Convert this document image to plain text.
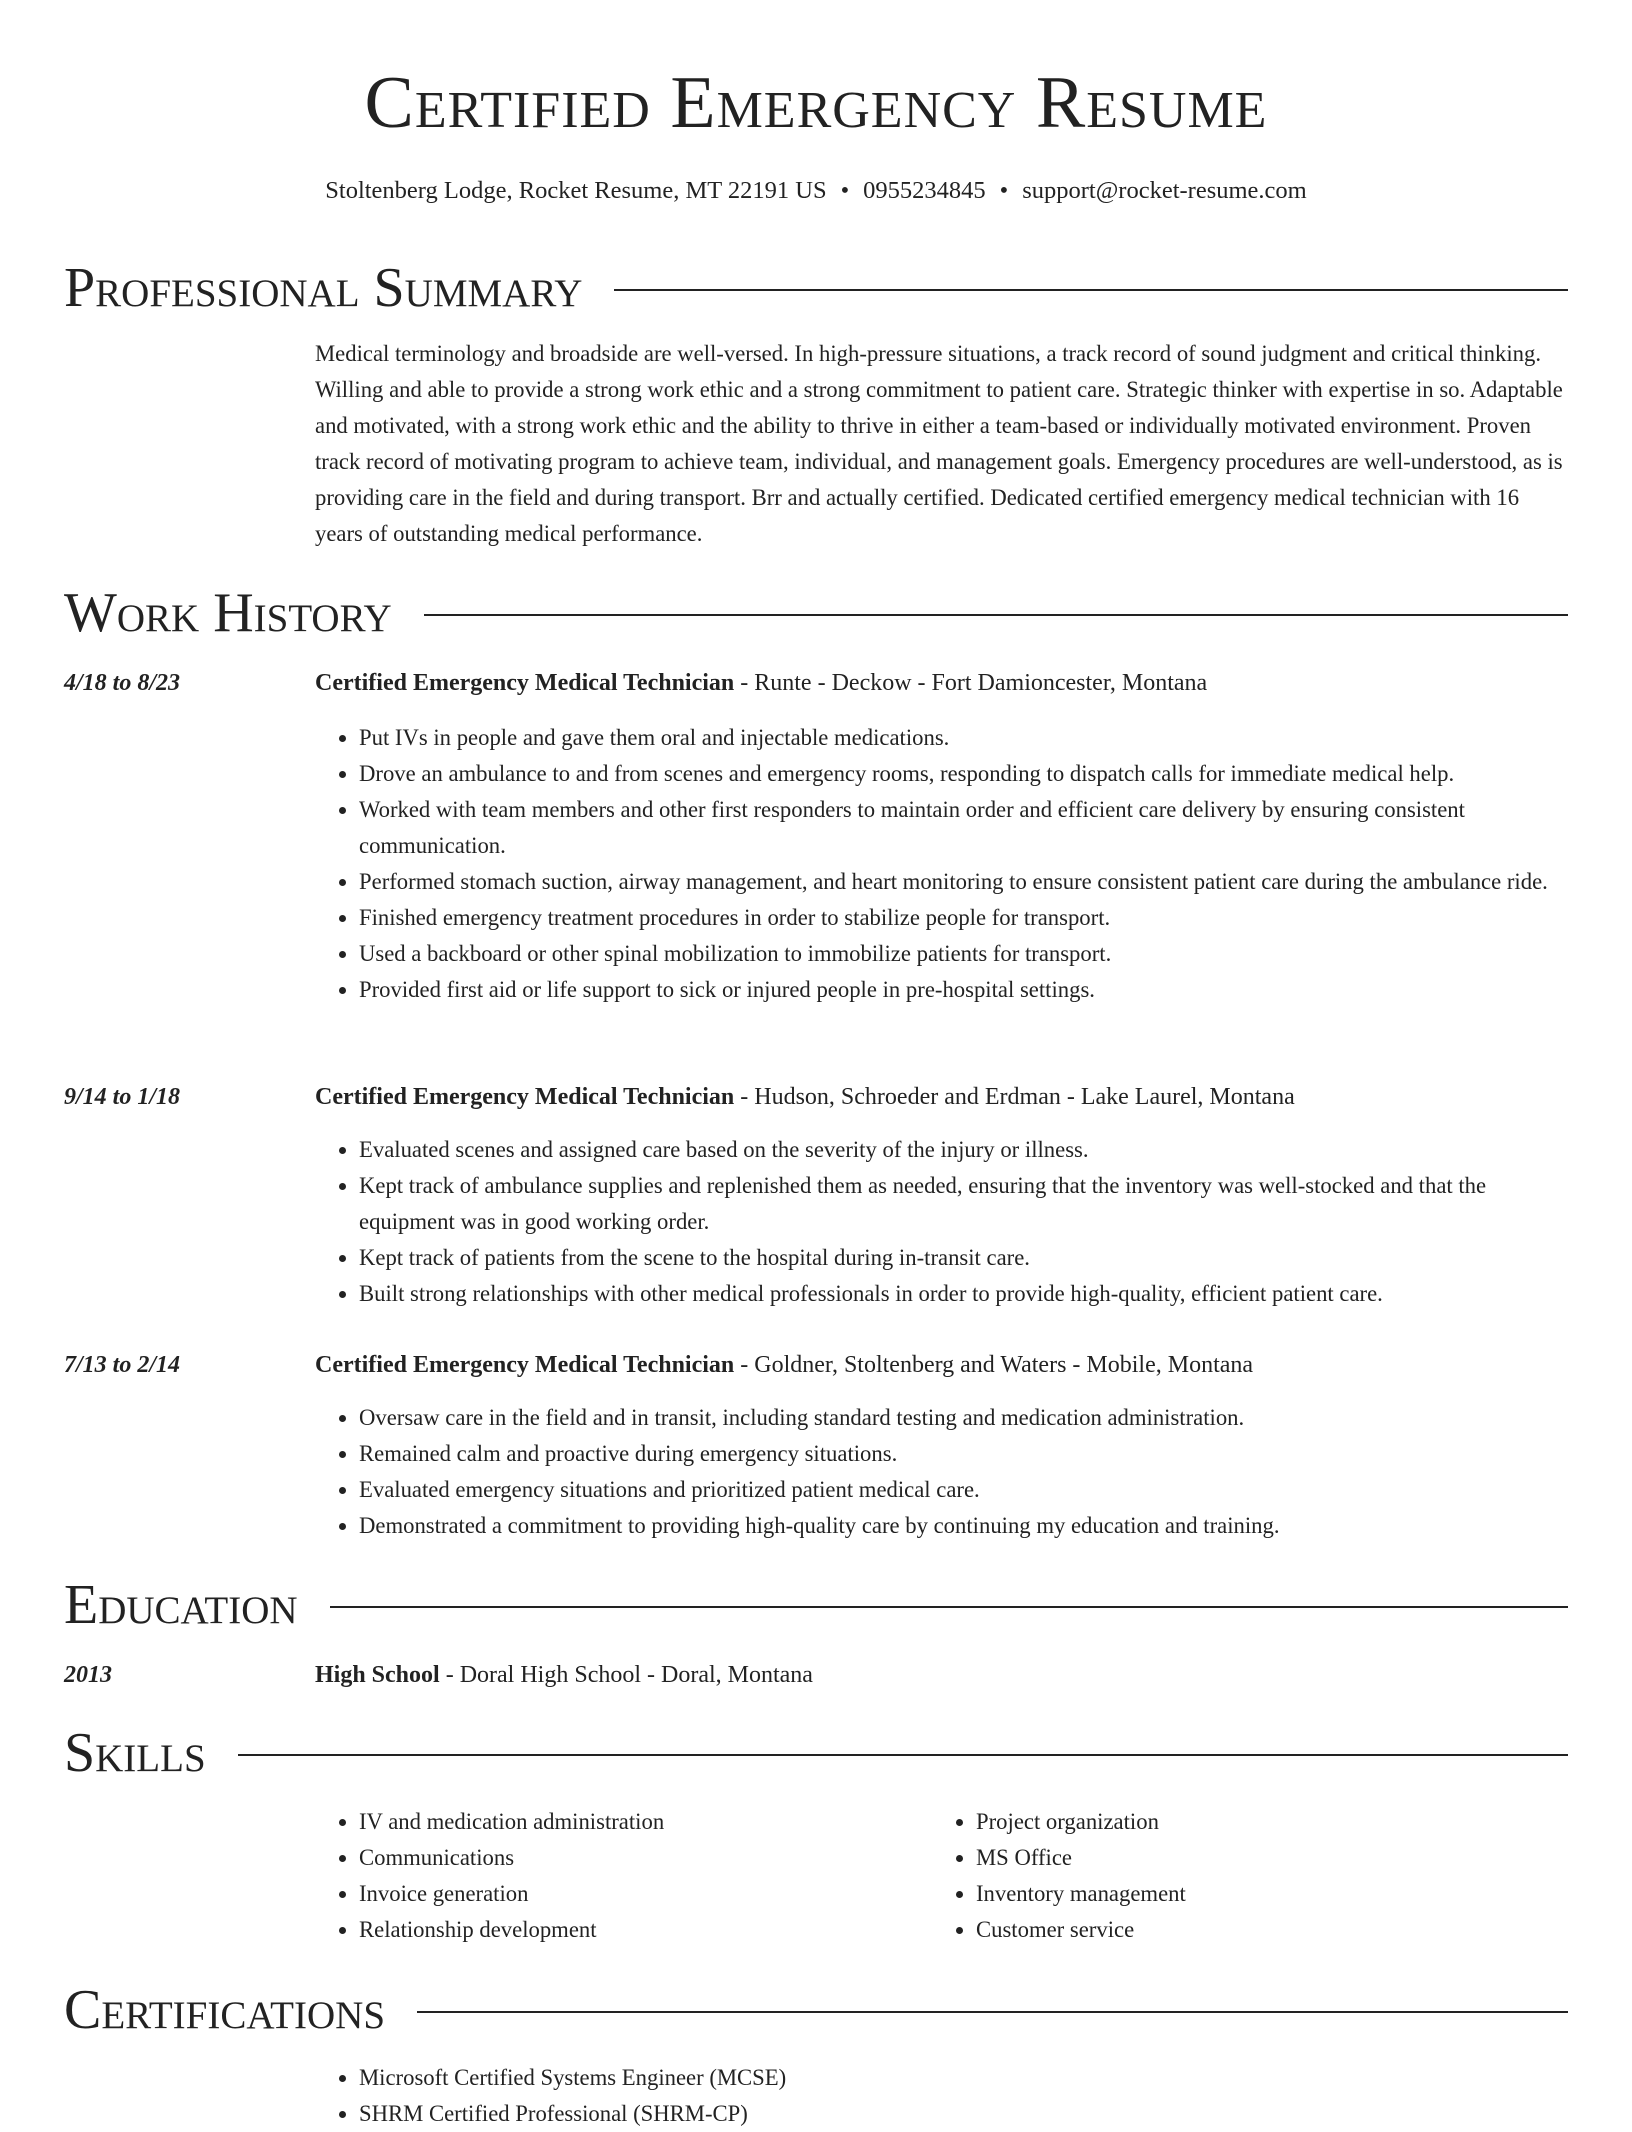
Certified Emergency Resume
Stoltenberg Lodge, Rocket Resume, MT 22191 US • 0955234845 • support@rocket-resume.com
Professional Summary
Medical terminology and broadside are well-versed. In high-pressure situations, a track record of sound judgment and critical thinking. Willing and able to provide a strong work ethic and a strong commitment to patient care. Strategic thinker with expertise in so. Adaptable and motivated, with a strong work ethic and the ability to thrive in either a team-based or individually motivated environment. Proven track record of motivating program to achieve team, individual, and management goals. Emergency procedures are well-understood, as is providing care in the field and during transport. Brr and actually certified. Dedicated certified emergency medical technician with 16 years of outstanding medical performance.
Work History
4/18 to 8/23	Certified Emergency Medical Technician - Runte - Deckow - Fort Damioncester, Montana
• Put IVs in people and gave them oral and injectable medications.
• Drove an ambulance to and from scenes and emergency rooms, responding to dispatch calls for immediate medical help.
• Worked with team members and other first responders to maintain order and efficient care delivery by ensuring consistent communication.
• Performed stomach suction, airway management, and heart monitoring to ensure consistent patient care during the ambulance ride.
• Finished emergency treatment procedures in order to stabilize people for transport.
• Used a backboard or other spinal mobilization to immobilize patients for transport.
• Provided first aid or life support to sick or injured people in pre-hospital settings.
9/14 to 1/18	Certified Emergency Medical Technician - Hudson, Schroeder and Erdman - Lake Laurel, Montana
• Evaluated scenes and assigned care based on the severity of the injury or illness.
• Kept track of ambulance supplies and replenished them as needed, ensuring that the inventory was well-stocked and that the equipment was in good working order.
• Kept track of patients from the scene to the hospital during in-transit care.
• Built strong relationships with other medical professionals in order to provide high-quality, efficient patient care.
7/13 to 2/14	Certified Emergency Medical Technician - Goldner, Stoltenberg and Waters - Mobile, Montana
• Oversaw care in the field and in transit, including standard testing and medication administration.
• Remained calm and proactive during emergency situations.
• Evaluated emergency situations and prioritized patient medical care.
• Demonstrated a commitment to providing high-quality care by continuing my education and training.
Education
2013	High School - Doral High School - Doral, Montana
Skills
• IV and medication administration
• Communications
• Invoice generation
• Relationship development
• Project organization
• MS Office
• Inventory management
• Customer service
Certifications
• Microsoft Certified Systems Engineer (MCSE)
• SHRM Certified Professional (SHRM-CP)
